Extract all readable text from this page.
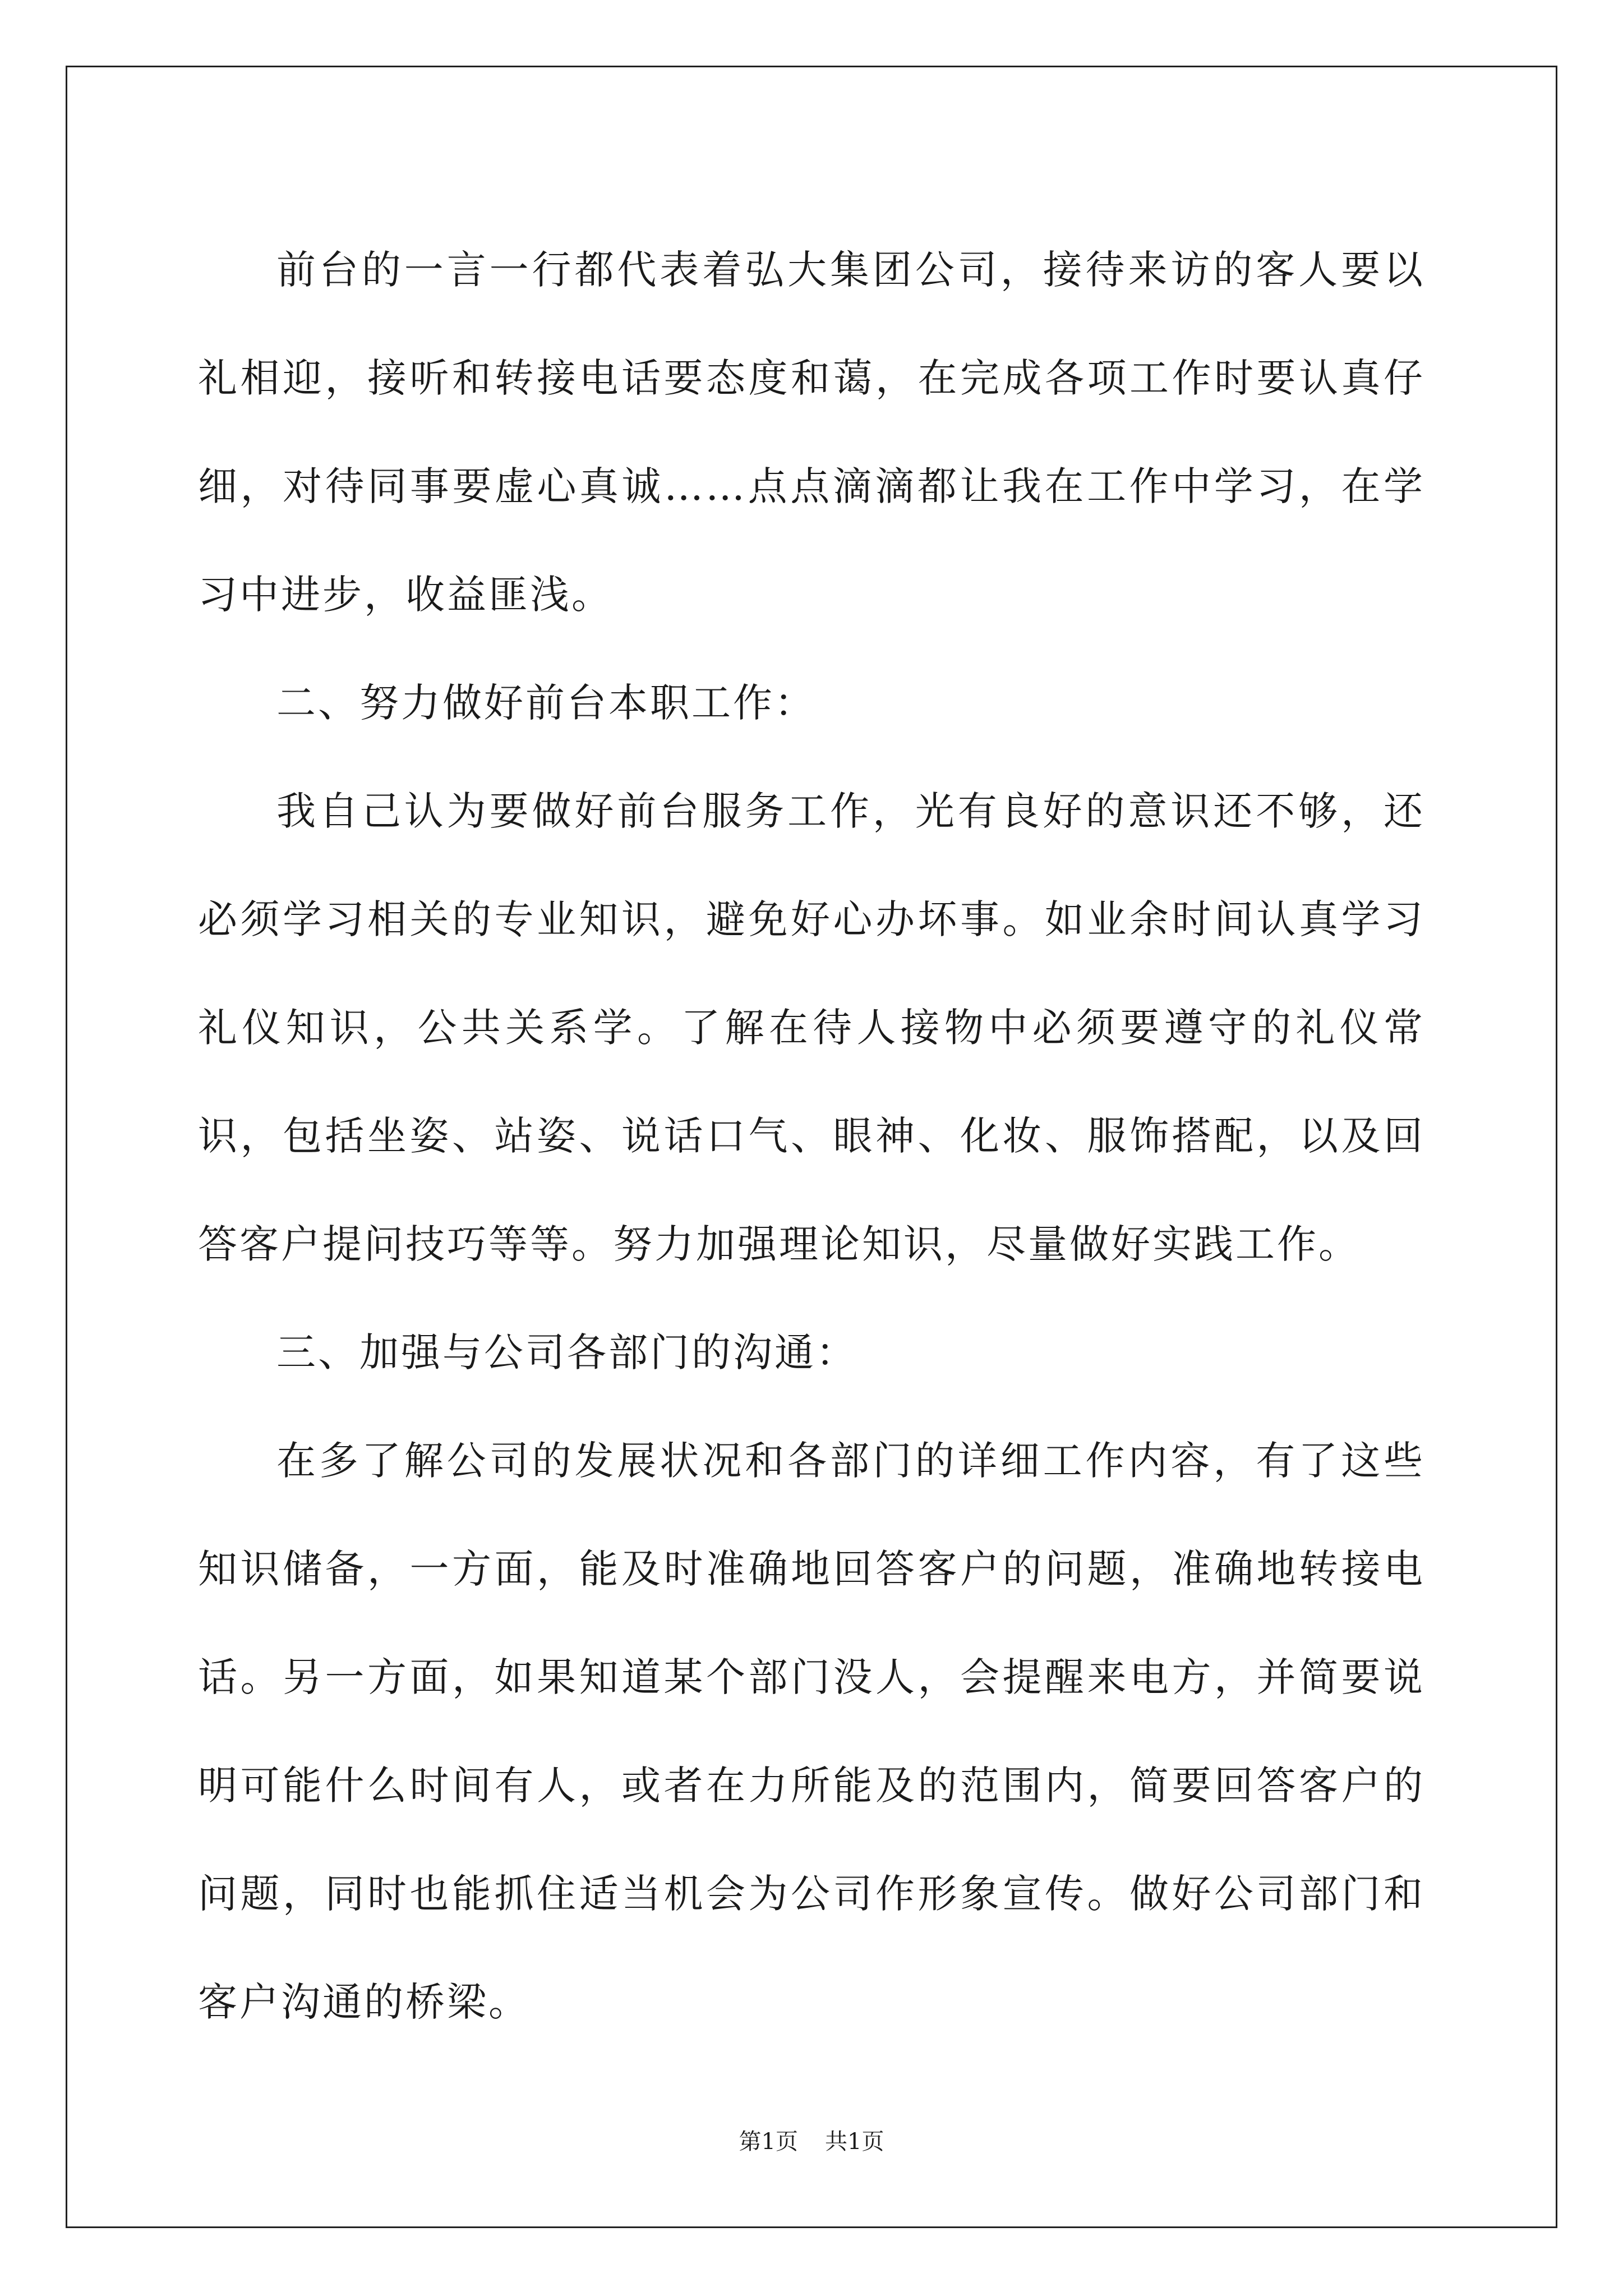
前台的一言一行都代表着弘大集团公司，接待来访的客人要以礼相迎，接听和转接电话要态度和蔼，在完成各项工作时要认真仔细，对待同事要虚心真诚……点点滴滴都让我在工作中学习，在学习中进步，收益匪浅。

二、努力做好前台本职工作：

我自己认为要做好前台服务工作，光有良好的意识还不够，还必须学习相关的专业知识，避免好心办坏事。如业余时间认真学习礼仪知识，公共关系学。了解在待人接物中必须要遵守的礼仪常识，包括坐姿、站姿、说话口气、眼神、化妆、服饰搭配，以及回答客户提问技巧等等。努力加强理论知识，尽量做好实践工作。

三、加强与公司各部门的沟通：

在多了解公司的发展状况和各部门的详细工作内容，有了这些知识储备，一方面，能及时准确地回答客户的问题，准确地转接电话。另一方面，如果知道某个部门没人，会提醒来电方，并简要说明可能什么时间有人，或者在力所能及的范围内，简要回答客户的问题，同时也能抓住适当机会为公司作形象宣传。做好公司部门和客户沟通的桥梁。

第1页 共1页
